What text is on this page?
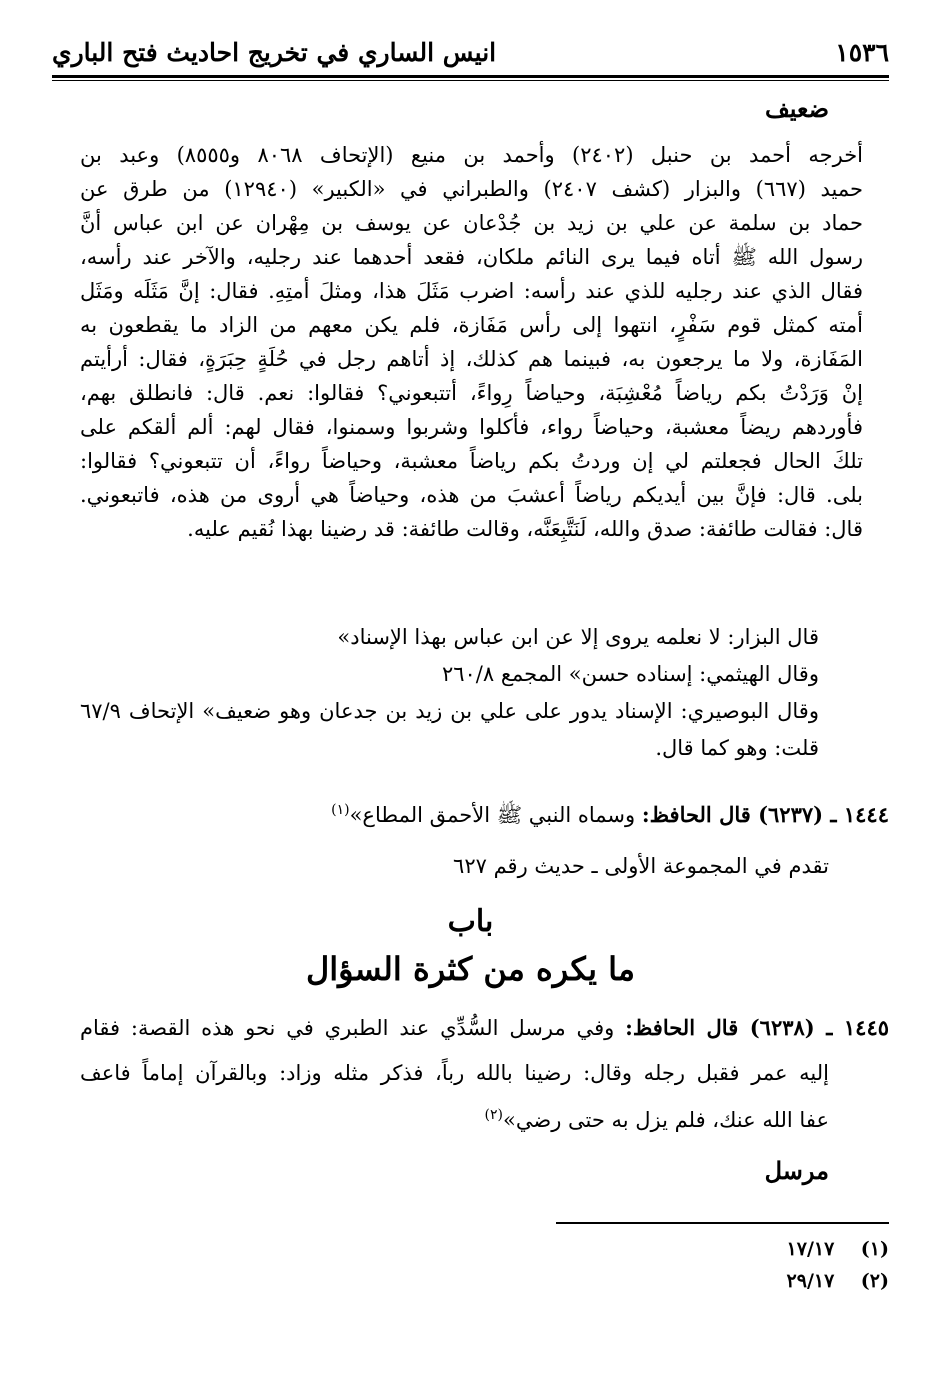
١٥٣٦
انيس الساري في تخريج احاديث فتح الباري
ضعيف
أخرجه أحمد بن حنبل (٢٤٠٢) وأحمد بن منيع (الإتحاف ٨٠٦٨ و٨٥٥٥) وعبد بن
حميد (٦٦٧) والبزار (كشف ٢٤٠٧) والطبراني في «الكبير» (١٢٩٤٠) من طرق عن
حماد بن سلمة عن علي بن زيد بن جُدْعان عن يوسف بن مِهْران عن ابن عباس أنَّ
رسول الله ﷺ أتاه فيما يرى النائم ملكان، فقعد أحدهما عند رجليه، والآخر عند رأسه،
فقال الذي عند رجليه للذي عند رأسه: اضرب مَثَلَ هذا، ومثلَ أمتِهِ. فقال: إنَّ مَثَلَه ومَثَل
أمته كمثل قوم سَفْرٍ، انتهوا إلى رأس مَفَازة، فلم يكن معهم من الزاد ما يقطعون به
المَفَازة، ولا ما يرجعون به، فبينما هم كذلك، إذ أتاهم رجل في حُلَةٍ حِبَرَةٍ، فقال: أرأيتم
إنْ وَرَدْتُ بكم رياضاً مُعْشِبَة، وحياضاً رِواءً، أتتبعوني؟ فقالوا: نعم. قال: فانطلق بهم،
فأوردهم ريضاً معشبة، وحياضاً رواء، فأكلوا وشربوا وسمنوا، فقال لهم: ألم ألقكم على
تلكَ الحال فجعلتم لي إن وردتُ بكم رياضاً معشبة، وحياضاً رواءً، أن تتبعوني؟ فقالوا:
بلى. قال: فإنَّ بين أيديكم رياضاً أعشبَ من هذه، وحياضاً هي أروى من هذه، فاتبعوني.
قال: فقالت طائفة: صدق والله، لَنَتَّبِعَنَّه، وقالت طائفة: قد رضينا بهذا نُقيم عليه.
قال البزار: لا نعلمه يروى إلا عن ابن عباس بهذا الإسناد»
وقال الهيثمي: إسناده حسن» المجمع ٢٦٠/٨
وقال البوصيري: الإسناد يدور على علي بن زيد بن جدعان وهو ضعيف» الإتحاف ٦٧/٩
قلت: وهو كما قال.
١٤٤٤ ـ (٦٢٣٧) قال الحافظ: وسماه النبي ﷺ الأحمق المطاع»$^{(١)}$
تقدم في المجموعة الأولى ـ حديث رقم ٦٢٧
باب
ما يكره من كثرة السؤال
١٤٤٥ ـ (٦٢٣٨) قال الحافظ: وفي مرسل السُّدِّي عند الطبري في نحو هذه القصة: فقام
إليه عمر فقبل رجله وقال: رضينا بالله رباً، فذكر مثله وزاد: وبالقرآن إماماً فاعف
عفا الله عنك، فلم يزل به حتى رضي»$^{(٢)}$
مرسل
(١)    ١٧/١٧
(٢)    ٢٩/١٧
